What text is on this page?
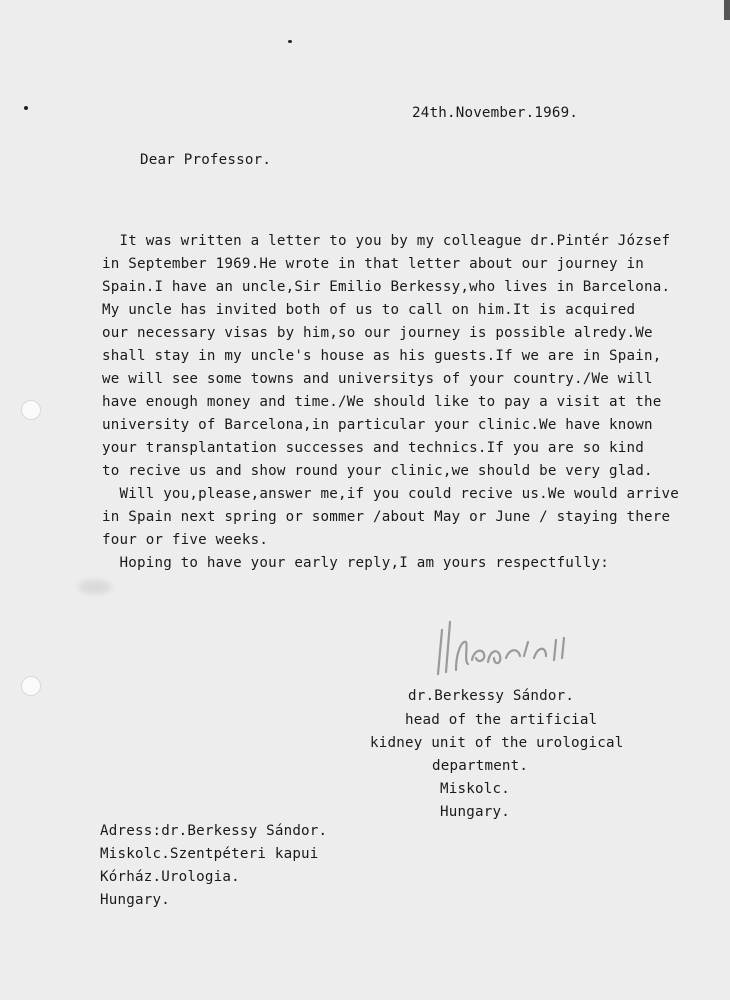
24th.November.1969.
Dear Professor.
It was written a letter to you by my colleague dr.Pintér József
in September 1969.He wrote in that letter about our journey in
Spain.I have an uncle,Sir Emilio Berkessy,who lives in Barcelona.
My uncle has invited both of us to call on him.It is acquired
our necessary visas by him,so our journey is possible alredy.We
shall stay in my uncle's house as his guests.If we are in Spain,
we will see some towns and universitys of your country./We will
have enough money and time./We should like to pay a visit at the
university of Barcelona,in particular your clinic.We have known
your transplantation successes and technics.If you are so kind
to recive us and show round your clinic,we should be very glad.
Will you,please,answer me,if you could recive us.We would arrive
in Spain next spring or sommer /about May or June / staying there
four or five weeks.
Hoping to have your early reply,I am yours respectfully:
dr.Berkessy Sándor.
head of the artificial
kidney unit of the urological
department.
Miskolc.
Hungary.
Adress:dr.Berkessy Sándor.
Miskolc.Szentpéteri kapui
Kórház.Urologia.
Hungary.
